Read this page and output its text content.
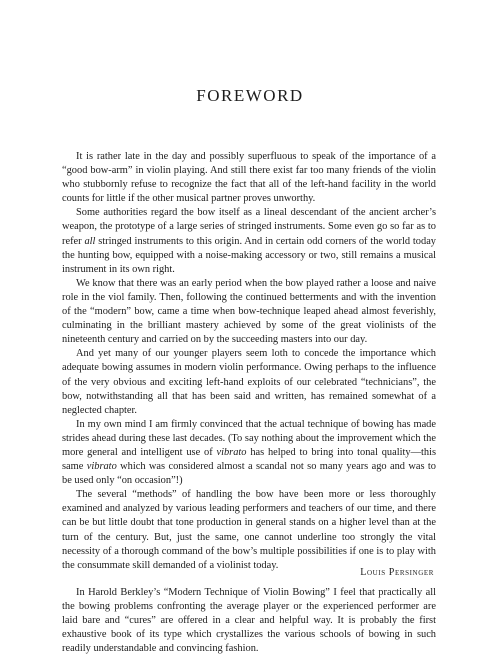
FOREWORD

It is rather late in the day and possibly superfluous to speak of the importance of a “good bow-arm” in violin playing. And still there exist far too many friends of the violin who stubbornly refuse to recognize the fact that all of the left-hand facility in the world counts for little if the other musical partner proves unworthy.

Some authorities regard the bow itself as a lineal descendant of the ancient archer’s weapon, the prototype of a large series of stringed instruments. Some even go so far as to refer all stringed instruments to this origin. And in certain odd corners of the world today the hunting bow, equipped with a noise-making accessory or two, still remains a musical instrument in its own right.

We know that there was an early period when the bow played rather a loose and naive role in the viol family. Then, following the continued betterments and with the invention of the “modern” bow, came a time when bow-technique leaped ahead almost feverishly, culminating in the brilliant mastery achieved by some of the great violinists of the nineteenth century and carried on by the succeeding masters into our day.

And yet many of our younger players seem loth to concede the importance which adequate bowing assumes in modern violin performance. Owing perhaps to the influence of the very obvious and exciting left-hand exploits of our celebrated “technicians”, the bow, notwithstanding all that has been said and written, has remained somewhat of a neglected chapter.

In my own mind I am firmly convinced that the actual technique of bowing has made strides ahead during these last decades. (To say nothing about the improvement which the more general and intelligent use of vibrato has helped to bring into tonal quality—this same vibrato which was considered almost a scandal not so many years ago and was to be used only “on occasion”!)

The several “methods” of handling the bow have been more or less thoroughly examined and analyzed by various leading performers and teachers of our time, and there can be but little doubt that tone production in general stands on a higher level than at the turn of the century. But, just the same, one cannot underline too strongly the vital necessity of a thorough command of the bow’s multiple possibilities if one is to play with the consummate skill demanded of a violinist today.

In Harold Berkley’s “Modern Technique of Violin Bowing” I feel that practically all the bowing problems confronting the average player or the experienced performer are laid bare and “cures” are offered in a clear and helpful way. It is probably the first exhaustive book of its type which crystallizes the various schools of bowing in such readily understandable and convincing fashion.

Louis Persinger
